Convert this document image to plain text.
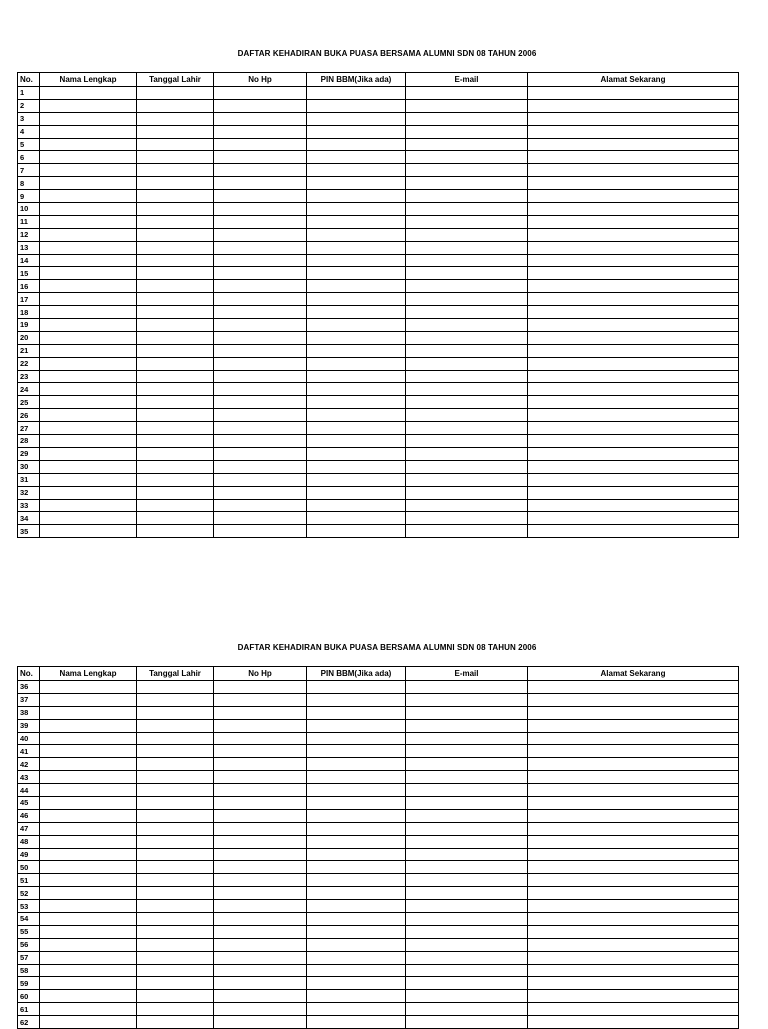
DAFTAR KEHADIRAN BUKA PUASA BERSAMA ALUMNI SDN 08 TAHUN 2006
No.	Nama Lengkap	Tanggal Lahir	No Hp	PIN BBM(Jika ada)	E-mail	Alamat Sekarang
1						
2						
3						
4						
5						
6						
7						
8						
9						
10						
11						
12						
13						
14						
15						
16						
17						
18						
19						
20						
21						
22						
23						
24						
25						
26						
27						
28						
29						
30						
31						
32						
33						
34						
35						
DAFTAR KEHADIRAN BUKA PUASA BERSAMA ALUMNI SDN 08 TAHUN 2006
No.	Nama Lengkap	Tanggal Lahir	No Hp	PIN BBM(Jika ada)	E-mail	Alamat Sekarang
36						
37						
38						
39						
40						
41						
42						
43						
44						
45						
46						
47						
48						
49						
50						
51						
52						
53						
54						
55						
56						
57						
58						
59						
60						
61						
62						
